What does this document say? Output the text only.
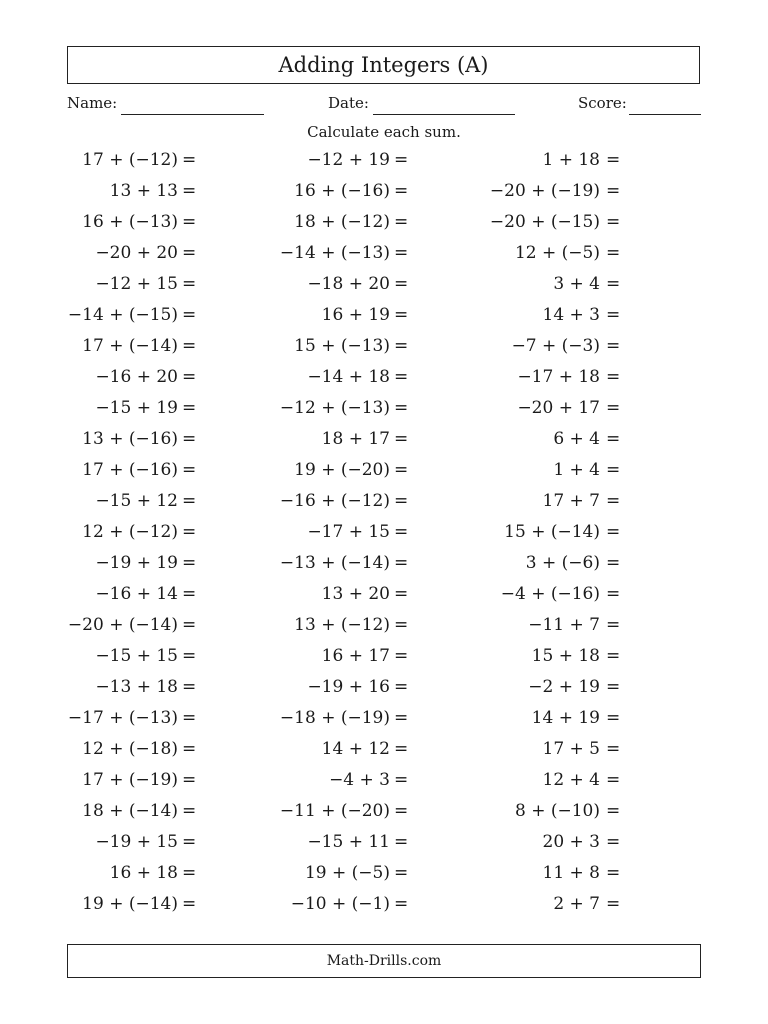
Adding Integers (A)
Name:	Date:	Score:
Calculate each sum.
17 + (−12) =	−12 + 19 =	1 + 18 =
13 + 13 =	16 + (−16) =	−20 + (−19) =
16 + (−13) =	18 + (−12) =	−20 + (−15) =
−20 + 20 =	−14 + (−13) =	12 + (−5) =
−12 + 15 =	−18 + 20 =	3 + 4 =
−14 + (−15) =	16 + 19 =	14 + 3 =
17 + (−14) =	15 + (−13) =	−7 + (−3) =
−16 + 20 =	−14 + 18 =	−17 + 18 =
−15 + 19 =	−12 + (−13) =	−20 + 17 =
13 + (−16) =	18 + 17 =	6 + 4 =
17 + (−16) =	19 + (−20) =	1 + 4 =
−15 + 12 =	−16 + (−12) =	17 + 7 =
12 + (−12) =	−17 + 15 =	15 + (−14) =
−19 + 19 =	−13 + (−14) =	3 + (−6) =
−16 + 14 =	13 + 20 =	−4 + (−16) =
−20 + (−14) =	13 + (−12) =	−11 + 7 =
−15 + 15 =	16 + 17 =	15 + 18 =
−13 + 18 =	−19 + 16 =	−2 + 19 =
−17 + (−13) =	−18 + (−19) =	14 + 19 =
12 + (−18) =	14 + 12 =	17 + 5 =
17 + (−19) =	−4 + 3 =	12 + 4 =
18 + (−14) =	−11 + (−20) =	8 + (−10) =
−19 + 15 =	−15 + 11 =	20 + 3 =
16 + 18 =	19 + (−5) =	11 + 8 =
19 + (−14) =	−10 + (−1) =	2 + 7 =
Math-Drills.com
